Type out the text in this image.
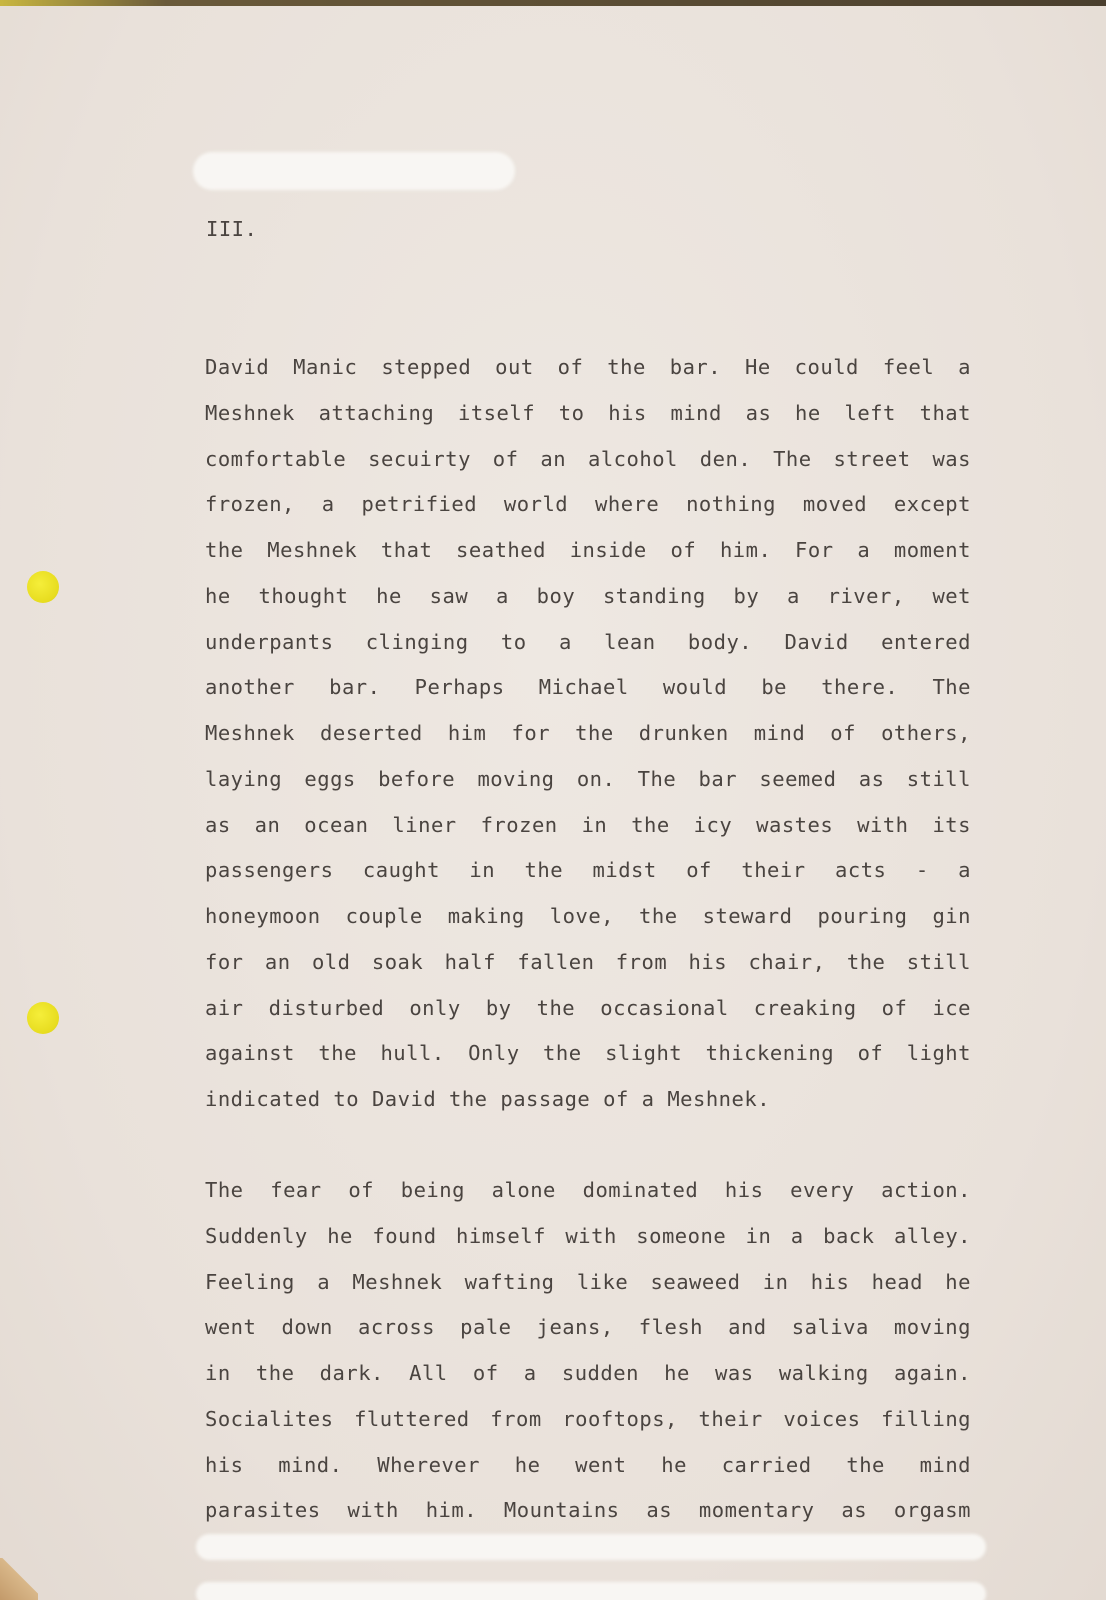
III.
David Manic stepped out of the bar. He could feel a
Meshnek attaching itself to his mind as he left that
comfortable secuirty of an alcohol den. The street was
frozen, a petrified world where nothing moved except
the Meshnek that seathed inside of him. For a moment
he thought he saw a boy standing by a river, wet
underpants clinging to a lean body. David entered
another bar. Perhaps Michael would be there. The
Meshnek deserted him for the drunken mind of others,
laying eggs before moving on. The bar seemed as still
as an ocean liner frozen in the icy wastes with its
passengers caught in the midst of their acts - a
honeymoon couple making love, the steward pouring gin
for an old soak half fallen from his chair, the still
air disturbed only by the occasional creaking of ice
against the hull. Only the slight thickening of light
indicated to David the passage of a Meshnek.
The fear of being alone dominated his every action.
Suddenly he found himself with someone in a back alley.
Feeling a Meshnek wafting like seaweed in his head he
went down across pale jeans, flesh and saliva moving
in the dark. All of a sudden he was walking again.
Socialites fluttered from rooftops, their voices filling
his mind. Wherever he went he carried the mind
parasites with him. Mountains as momentary as orgasm
